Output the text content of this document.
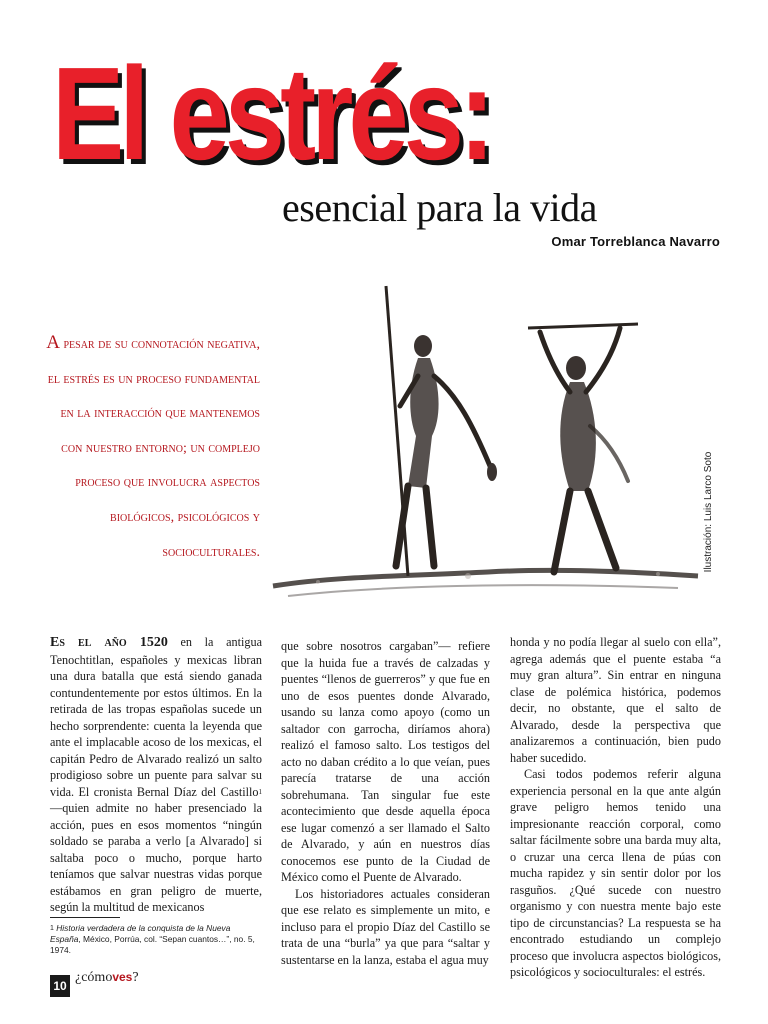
El estrés:
esencial para la vida
Omar Torreblanca Navarro

A pesar de su connotación negativa, el estrés es un proceso fundamental en la interacción que mantenemos con nuestro entorno; un complejo proceso que involucra aspectos biológicos, psicológicos y socioculturales.	Ilustración: Luis Larco Soto

Es el año 1520 en la antigua Tenochtitlan, españoles y mexicas libran una dura batalla que está siendo ganada contundentemente por estos últimos. En la retirada de las tropas españolas sucede un hecho sorprendente: cuenta la leyenda que ante el implacable acoso de los mexicas, el capitán Pedro de Alvarado realizó un salto prodigioso sobre un puente para salvar su vida. El cronista Bernal Díaz del Castillo$^1$ —quien admite no haber presenciado la acción, pues en esos momentos “ningún soldado se paraba a verlo [a Alvarado] si saltaba poco o mucho, porque harto teníamos que salvar nuestras vidas porque estábamos en gran peligro de muerte, según la multitud de mexicanos

que sobre nosotros cargaban”— refiere que la huida fue a través de calzadas y puentes “llenos de guerreros” y que fue en uno de esos puentes donde Alvarado, usando su lanza como apoyo (como un saltador con garrocha, diríamos ahora) realizó el famoso salto. Los testigos del acto no daban crédito a lo que veían, pues parecía tratarse de una acción sobrehumana. Tan singular fue este acontecimiento que desde aquella época ese lugar comenzó a ser llamado el Salto de Alvarado, y aún en nuestros días conocemos ese punto de la Ciudad de México como el Puente de Alvarado.

Los historiadores actuales consideran que ese relato es simplemente un mito, e incluso para el propio Díaz del Castillo se trata de una “burla” ya que para “saltar y sustentarse en la lanza, estaba el agua muy

honda y no podía llegar al suelo con ella”, agrega además que el puente estaba “a muy gran altura”. Sin entrar en ninguna clase de polémica histórica, podemos decir, no obstante, que el salto de Alvarado, desde la perspectiva que analizaremos a continuación, bien pudo haber sucedido.

Casi todos podemos referir alguna experiencia personal en la que ante algún grave peligro hemos tenido una impresionante reacción corporal, como saltar fácilmente sobre una barda muy alta, o cruzar una cerca llena de púas con mucha rapidez y sin sentir dolor por los rasguños. ¿Qué sucede con nuestro organismo y con nuestra mente bajo este tipo de circunstancias? La respuesta se ha encontrado estudiando un complejo proceso que involucra aspectos biológicos, psicológicos y socioculturales: el estrés.

$^1$ Historia verdadera de la conquista de la Nueva España, México, Porrúa, col. “Sepan cuantos…”, no. 5, 1974.
10
¿cómoves?
